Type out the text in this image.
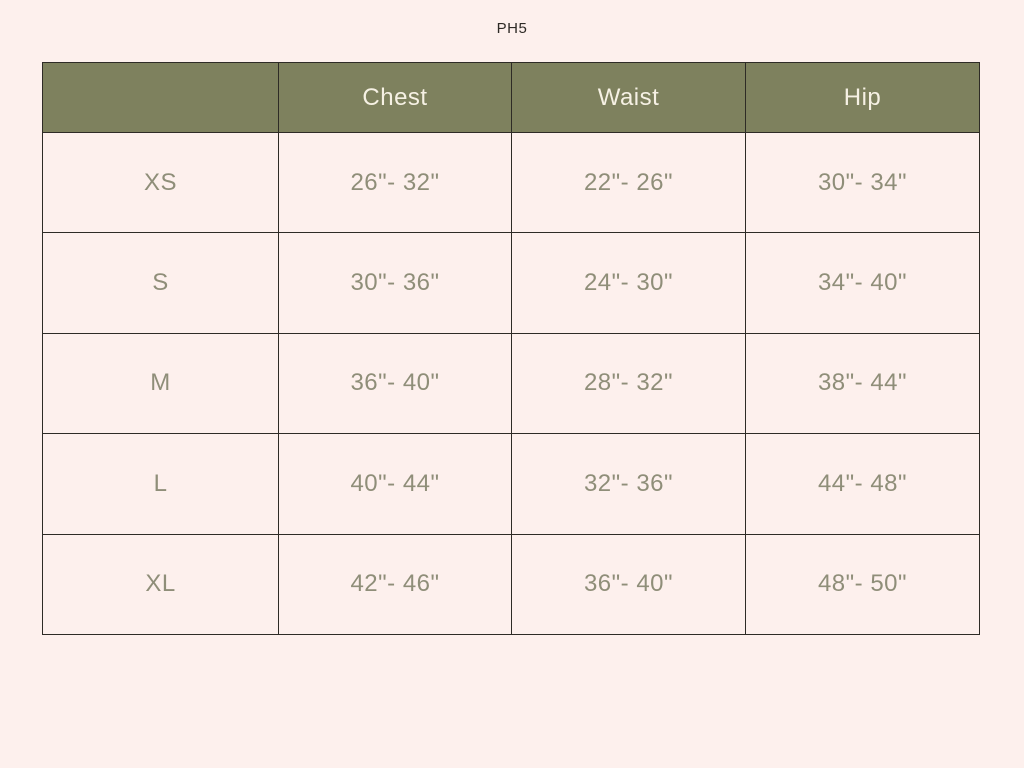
PH5
	Chest	Waist	Hip
XS	26"- 32"	22"- 26"	30"- 34"
S	30"- 36"	24"- 30"	34"- 40"
M	36"- 40"	28"- 32"	38"- 44"
L	40"- 44"	32"- 36"	44"- 48"
XL	42"- 46"	36"- 40"	48"- 50"
